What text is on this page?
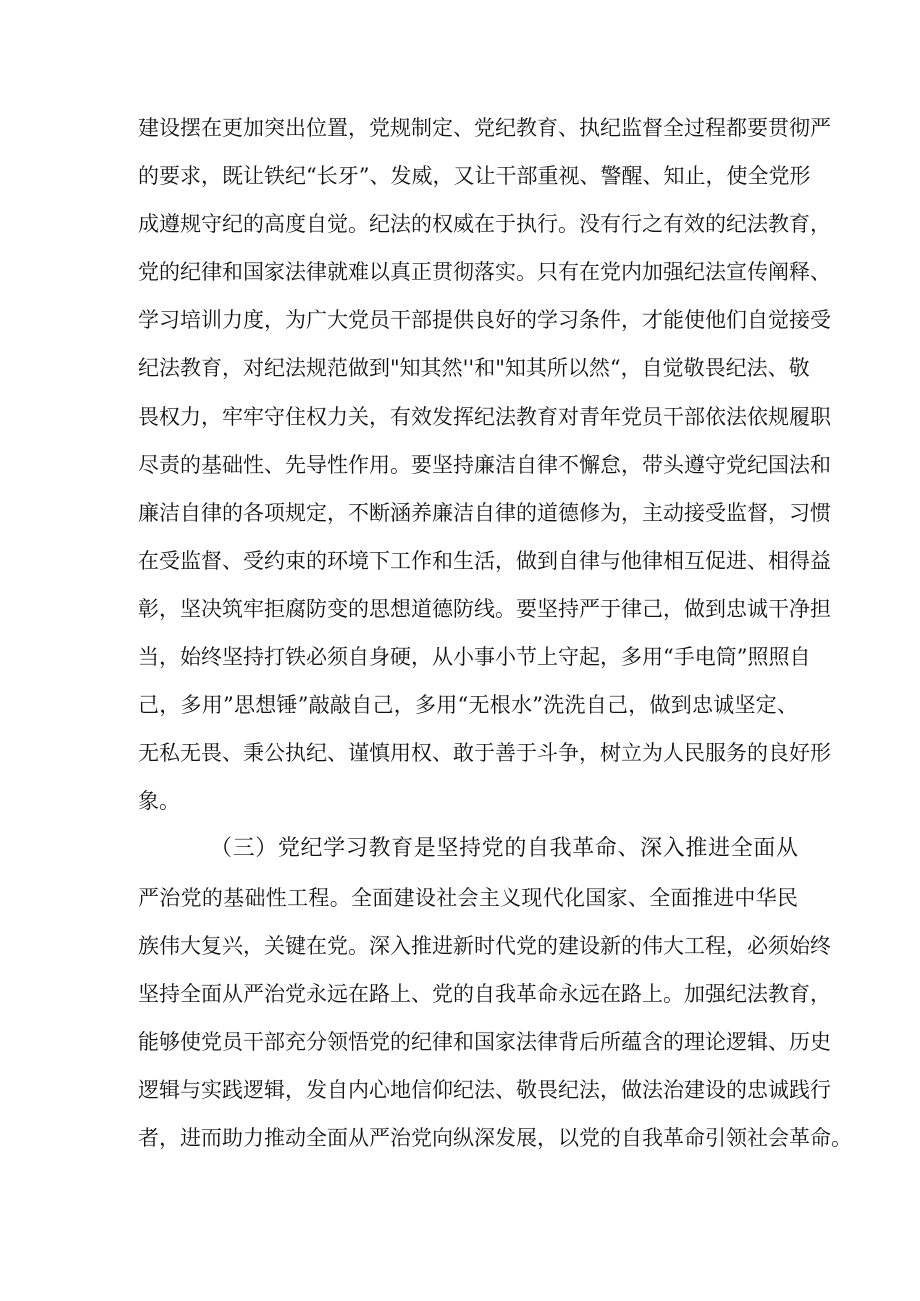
建设摆在更加突出位置，党规制定、党纪教育、执纪监督全过程都要贯彻严
的要求，既让铁纪“长牙”、发威，又让干部重视、警醒、知止，使全党形
成遵规守纪的高度自觉。纪法的权威在于执行。没有行之有效的纪法教育，
党的纪律和国家法律就难以真正贯彻落实。只有在党内加强纪法宣传阐释、
学习培训力度，为广大党员干部提供良好的学习条件，才能使他们自觉接受
纪法教育，对纪法规范做到"知其然''和"知其所以然“，自觉敬畏纪法、敬
畏权力，牢牢守住权力关，有效发挥纪法教育对青年党员干部依法依规履职
尽责的基础性、先导性作用。要坚持廉洁自律不懈怠，带头遵守党纪国法和
廉洁自律的各项规定，不断涵养廉洁自律的道德修为，主动接受监督，习惯
在受监督、受约束的环境下工作和生活，做到自律与他律相互促进、相得益
彰，坚决筑牢拒腐防变的思想道德防线。要坚持严于律己，做到忠诚干净担
当，始终坚持打铁必须自身硬，从小事小节上守起，多用“手电筒”照照自
己，多用”思想锤”敲敲自己，多用“无根水”洗洗自己，做到忠诚坚定、
无私无畏、秉公执纪、谨慎用权、敢于善于斗争，树立为人民服务的良好形
象。
（三）党纪学习教育是坚持党的自我革命、深入推进全面从
严治党的基础性工程。全面建设社会主义现代化国家、全面推进中华民
族伟大复兴，关键在党。深入推进新时代党的建设新的伟大工程，必须始终
坚持全面从严治党永远在路上、党的自我革命永远在路上。加强纪法教育，
能够使党员干部充分领悟党的纪律和国家法律背后所蕴含的理论逻辑、历史
逻辑与实践逻辑，发自内心地信仰纪法、敬畏纪法，做法治建设的忠诚践行
者，进而助力推动全面从严治党向纵深发展，以党的自我革命引领社会革命。
